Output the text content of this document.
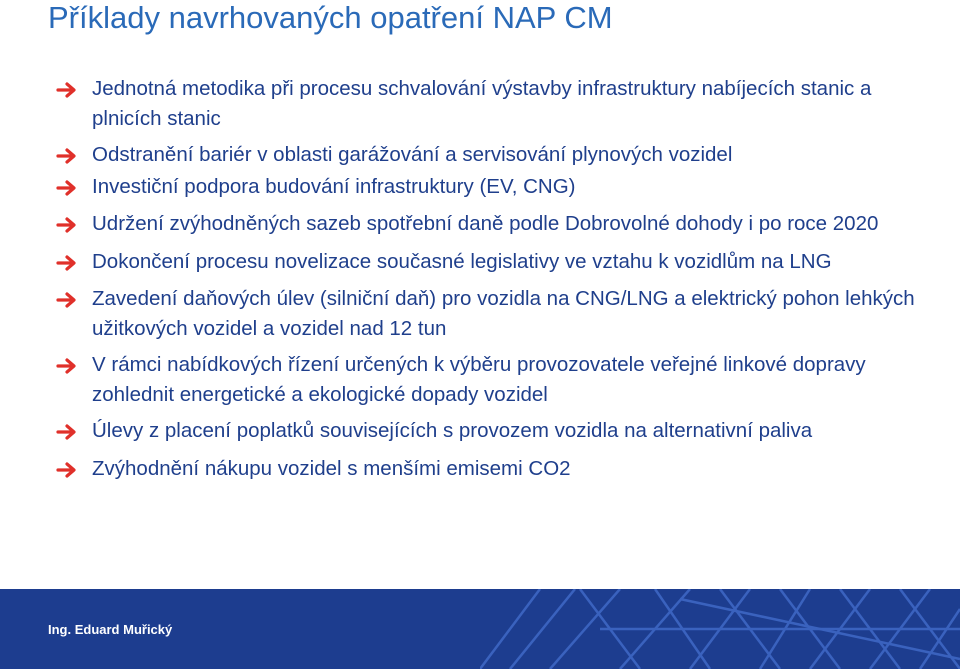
Příklady navrhovaných opatření NAP CM
Jednotná metodika při procesu schvalování výstavby infrastruktury nabíjecích stanic a plnicích stanic
Odstranění bariér v oblasti garážování a servisování plynových vozidel
Investiční podpora budování infrastruktury (EV, CNG)
Udržení zvýhodněných sazeb spotřební daně podle Dobrovolné dohody i po roce 2020
Dokončení procesu novelizace současné legislativy ve vztahu k vozidlům na LNG
Zavedení daňových úlev (silniční daň) pro vozidla na CNG/LNG a elektrický pohon lehkých užitkových vozidel a vozidel nad 12 tun
V rámci nabídkových řízení určených k výběru provozovatele veřejné linkové dopravy zohlednit energetické a ekologické dopady vozidel
Úlevy z placení poplatků souvisejících s provozem vozidla na alternativní paliva
Zvýhodnění nákupu vozidel s menšími emisemi CO2
Ing. Eduard Muřický
